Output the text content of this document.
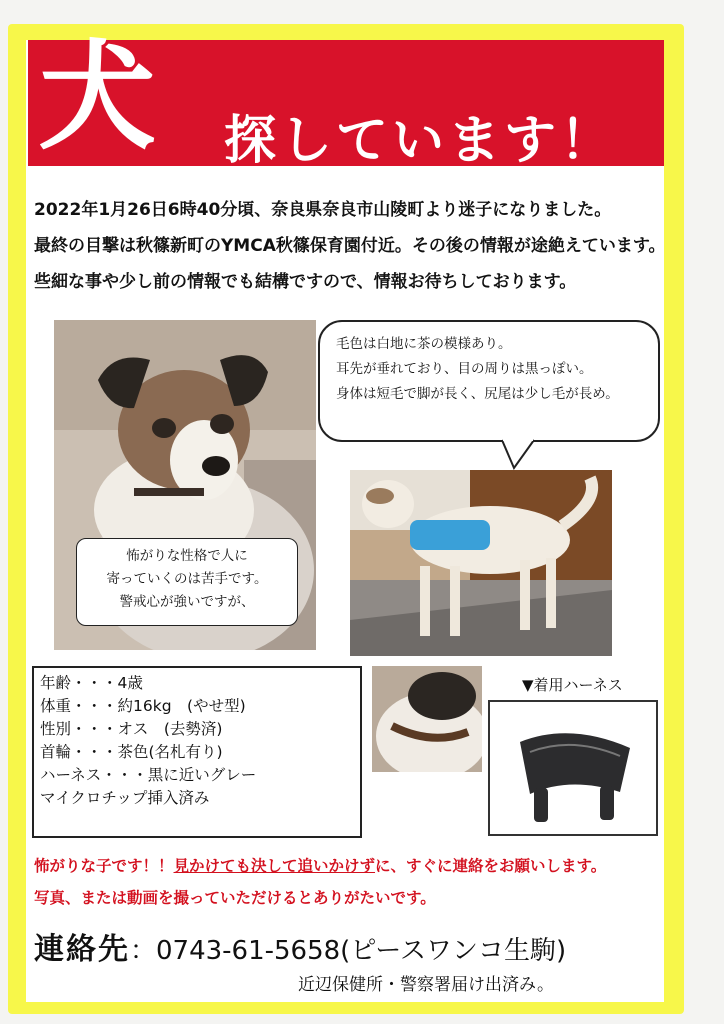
犬 探しています！
2022年1月26日6時40分頃、奈良県奈良市山陵町より迷子になりました。
最終の目撃は秋篠新町のYMCA秋篠保育園付近。その後の情報が途絶えています。
些細な事や少し前の情報でも結構ですので、情報お待ちしております。
怖がりな性格で人に
寄っていくのは苦手です。
警戒心が強いですが、
毛色は白地に茶の模様あり。
耳先が垂れており、目の周りは黒っぽい。
身体は短毛で脚が長く、尻尾は少し毛が長め。
年齢・・・4歳
体重・・・約16kg　(やせ型)
性別・・・オス　(去勢済)
首輪・・・茶色(名札有り)
ハーネス・・・黒に近いグレー
マイクロチップ挿入済み
▼着用ハーネス
怖がりな子です！！見かけても決して追いかけずに、すぐに連絡をお願いします。
写真、または動画を撮っていただけるとありがたいです。
連絡先：0743-61-5658(ピースワンコ生駒)
近辺保健所・警察署届け出済み。
